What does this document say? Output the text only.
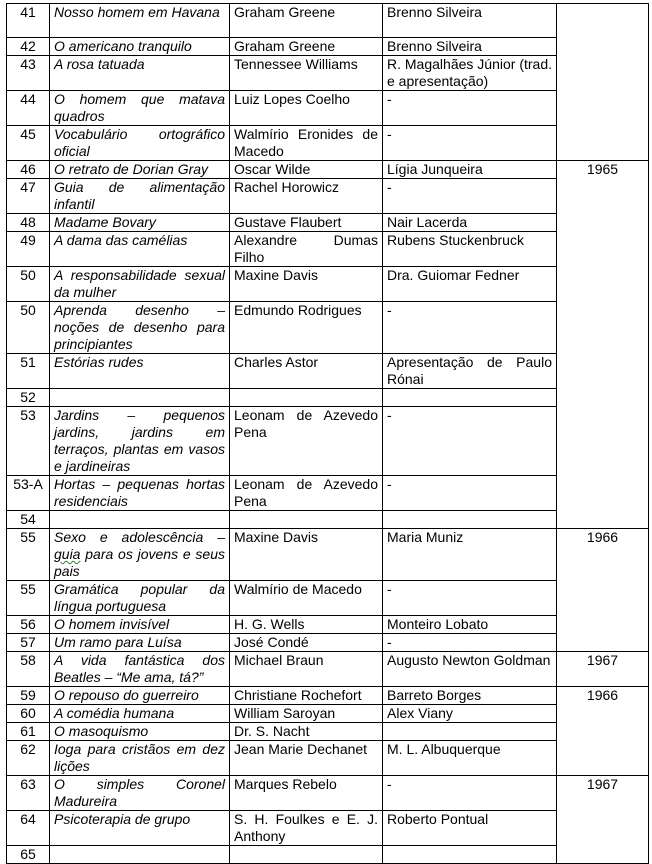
41	Nosso homem em Havana	Graham Greene	Brenno Silveira	
42	O americano tranquilo	Graham Greene	Brenno Silveira	
43	A rosa tatuada	Tennessee Williams	R. Magalhães Júnior (trad. e apresentação)	
44	O homem que matava quadros	Luiz Lopes Coelho	-	
45	Vocabulário ortográfico oficial	Walmírio Eronides de Macedo	-	
46	O retrato de Dorian Gray	Oscar Wilde	Lígia Junqueira	1965
47	Guia de alimentação infantil	Rachel Horowicz	-	
48	Madame Bovary	Gustave Flaubert	Nair Lacerda	
49	A dama das camélias	Alexandre Dumas Filho	Rubens Stuckenbruck	
50	A responsabilidade sexual da mulher	Maxine Davis	Dra. Guiomar Fedner	
50	Aprenda desenho – noções de desenho para principiantes	Edmundo Rodrigues	-	
51	Estórias rudes	Charles Astor	Apresentação de Paulo Rónai	
52				
53	Jardins – pequenos jardins, jardins em terraços, plantas em vasos e jardineiras	Leonam de Azevedo Pena	-	
53-A	Hortas – pequenas hortas residenciais	Leonam de Azevedo Pena	-	
54				
55	Sexo e adolescência – guia para os jovens e seus pais	Maxine Davis	Maria Muniz	1966
55	Gramática popular da língua portuguesa	Walmírio de Macedo	-	
56	O homem invisível	H. G. Wells	Monteiro Lobato	
57	Um ramo para Luísa	José Condé	-	
58	A vida fantástica dos Beatles – “Me ama, tá?”	Michael Braun	Augusto Newton Goldman	1967
59	O repouso do guerreiro	Christiane Rochefort	Barreto Borges	1966
60	A comédia humana	William Saroyan	Alex Viany	
61	O masoquismo	Dr. S. Nacht		
62	Ioga para cristãos em dez lições	Jean Marie Dechanet	M. L. Albuquerque	
63	O simples Coronel Madureira	Marques Rebelo	-	1967
64	Psicoterapia de grupo	S. H. Foulkes e E. J. Anthony	Roberto Pontual	
65				
